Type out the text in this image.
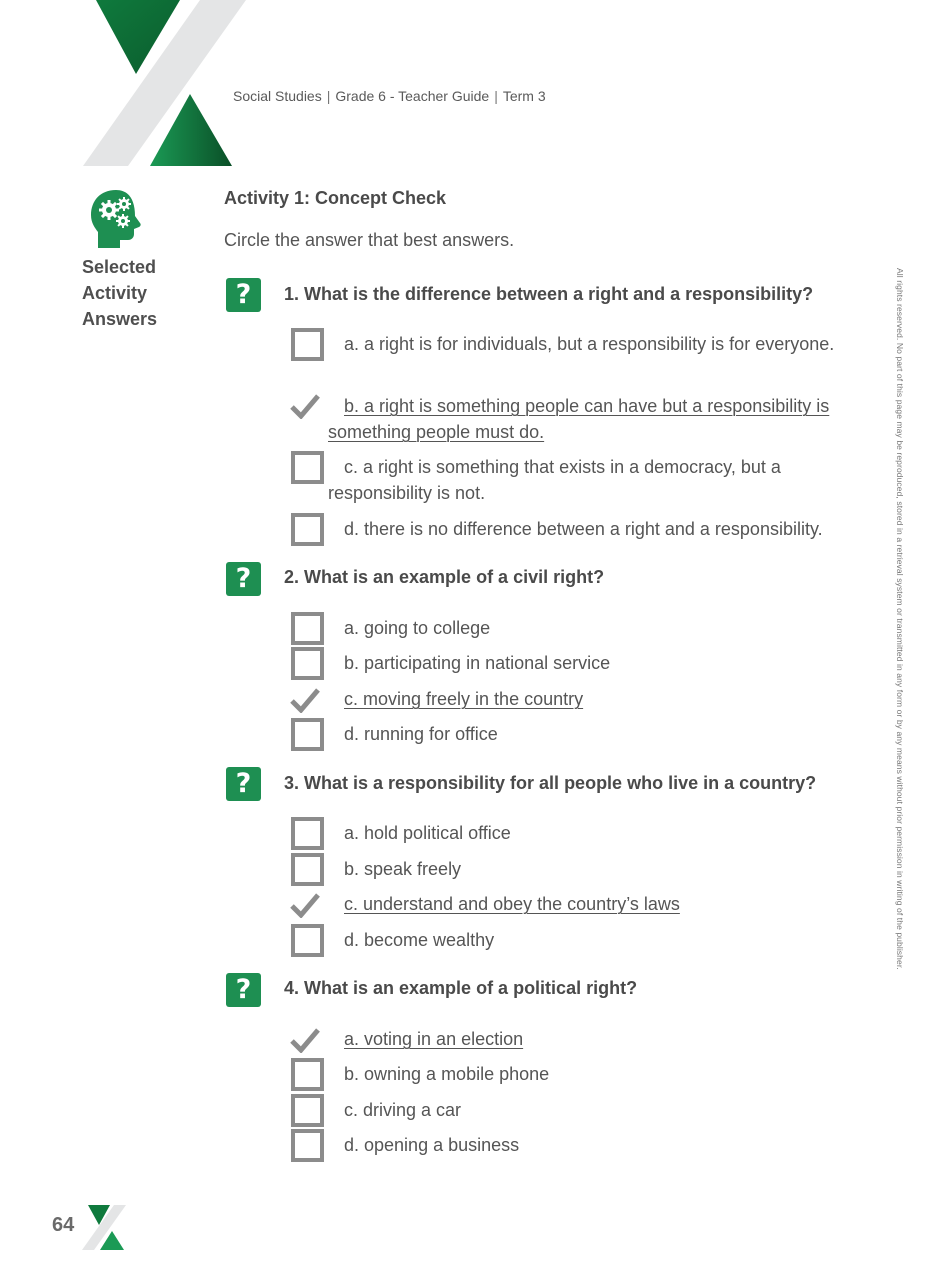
Social Studies | Grade 6 - Teacher Guide | Term 3
Selected
Activity
Answers
Activity 1: Concept Check
Circle the answer that best answers.
?	1. What is the difference between a right and a responsibility?
a. a right is for individuals, but a responsibility is for everyone.
b. a right is something people can have but a responsibility is something people must do.
c. a right is something that exists in a democracy, but a responsibility is not.
d. there is no difference between a right and a responsibility.
?	2. What is an example of a civil right?
a. going to college
b. participating in national service
c. moving freely in the country
d. running for office
?	3. What is a responsibility for all people who live in a country?
a. hold political office
b. speak freely
c. understand and obey the country’s laws
d. become wealthy
?	4. What is an example of a political right?
a. voting in an election
b. owning a mobile phone
c. driving a car
d. opening a business
All rights reserved. No part of this page may be reproduced, stored in a retrieval system or transmitted in any form or by any means without prior permission in writing of the publisher.
64
